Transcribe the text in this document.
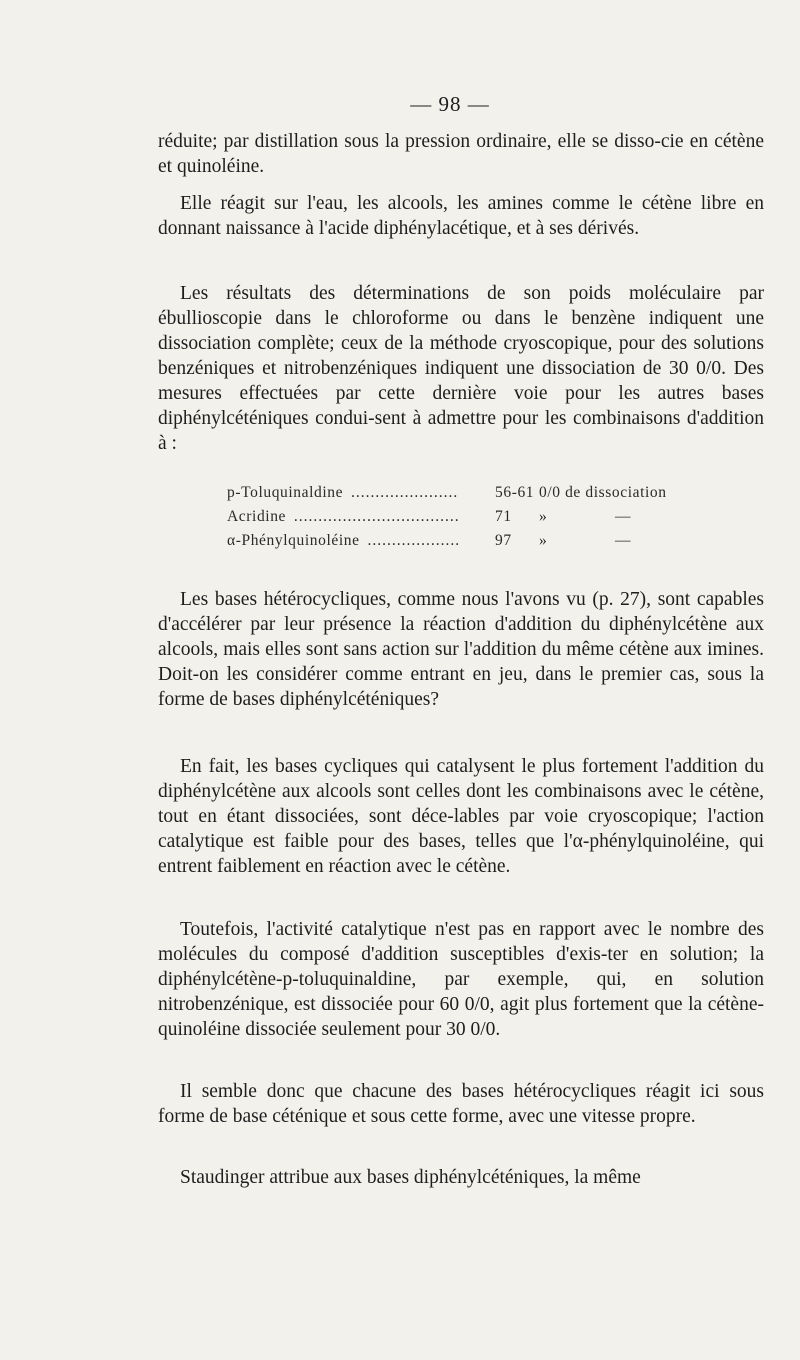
— 98 —

réduite; par distillation sous la pression ordinaire, elle se disso-cie en cétène et quinoléine.

Elle réagit sur l'eau, les alcools, les amines comme le cétène libre en donnant naissance à l'acide diphénylacétique, et à ses dérivés.

Les résultats des déterminations de son poids moléculaire par ébullioscopie dans le chloroforme ou dans le benzène indiquent une dissociation complète; ceux de la méthode cryoscopique, pour des solutions benzéniques et nitrobenzéniques indiquent une dissociation de 30 0/0. Des mesures effectuées par cette dernière voie pour les autres bases diphénylcéténiques condui-sent à admettre pour les combinaisons d'addition à :

p-Toluquinaldine .....	56-61 0/0 de dissociation
Acridine .....	71 »	—
α-Phénylquinoléine .....	97 »	—

Les bases hétérocycliques, comme nous l'avons vu (p. 27), sont capables d'accélérer par leur présence la réaction d'addition du diphénylcétène aux alcools, mais elles sont sans action sur l'addition du même cétène aux imines. Doit-on les considérer comme entrant en jeu, dans le premier cas, sous la forme de bases diphénylcéténiques?

En fait, les bases cycliques qui catalysent le plus fortement l'addition du diphénylcétène aux alcools sont celles dont les combinaisons avec le cétène, tout en étant dissociées, sont déce-lables par voie cryoscopique; l'action catalytique est faible pour des bases, telles que l'α-phénylquinoléine, qui entrent faiblement en réaction avec le cétène.

Toutefois, l'activité catalytique n'est pas en rapport avec le nombre des molécules du composé d'addition susceptibles d'exis-ter en solution; la diphénylcétène-p-toluquinaldine, par exemple, qui, en solution nitrobenzénique, est dissociée pour 60 0/0, agit plus fortement que la cétène-quinoléine dissociée seulement pour 30 0/0.

Il semble donc que chacune des bases hétérocycliques réagit ici sous forme de base céténique et sous cette forme, avec une vitesse propre.

Staudinger attribue aux bases diphénylcéténiques, la même
